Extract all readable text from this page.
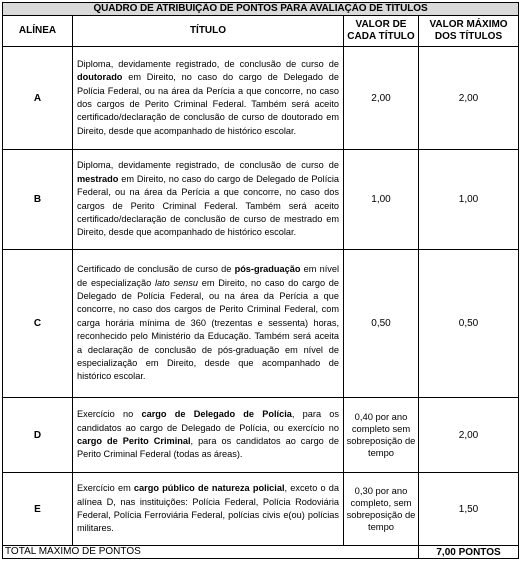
QUADRO DE ATRIBUIÇÃO DE PONTOS PARA AVALIAÇÃO DE TÍTULOS			
ALÍNEA	TÍTULO	VALOR DE CADA TÍTULO	VALOR MÁXIMO DOS TÍTULOS
A	Diploma, devidamente registrado, de conclusão de curso de doutorado em Direito, no caso do cargo de Delegado de Polícia Federal, ou na área da Perícia a que concorre, no caso dos cargos de Perito Criminal Federal. Também será aceito certificado/declaração de conclusão de curso de doutorado em Direito, desde que acompanhado de histórico escolar.	2,00	2,00
B	Diploma, devidamente registrado, de conclusão de curso de mestrado em Direito, no caso do cargo de Delegado de Polícia Federal, ou na área da Perícia a que concorre, no caso dos cargos de Perito Criminal Federal. Também será aceito certificado/declaração de conclusão de curso de mestrado em Direito, desde que acompanhado de histórico escolar.	1,00	1,00
C	Certificado de conclusão de curso de pós-graduação em nível de especialização lato sensu em Direito, no caso do cargo de Delegado de Polícia Federal, ou na área da Perícia a que concorre, no caso dos cargos de Perito Criminal Federal, com carga horária mínima de 360 (trezentas e sessenta) horas, reconhecido pelo Ministério da Educação. Também será aceita a declaração de conclusão de pós-graduação em nível de especialização em Direito, desde que acompanhado de histórico escolar.	0,50	0,50
D	Exercício no cargo de Delegado de Polícia, para os candidatos ao cargo de Delegado de Polícia, ou exercício no cargo de Perito Criminal, para os candidatos ao cargo de Perito Criminal Federal (todas as áreas).	0,40 por ano completo sem sobreposição de tempo	2,00
E	Exercício em cargo público de natureza policial, exceto o da alínea D, nas instituições: Polícia Federal, Polícia Rodoviária Federal, Polícia Ferroviária Federal, polícias civis e(ou) polícias militares.	0,30 por ano completo, sem sobreposição de tempo	1,50
TOTAL MÁXIMO DE PONTOS			7,00 PONTOS
